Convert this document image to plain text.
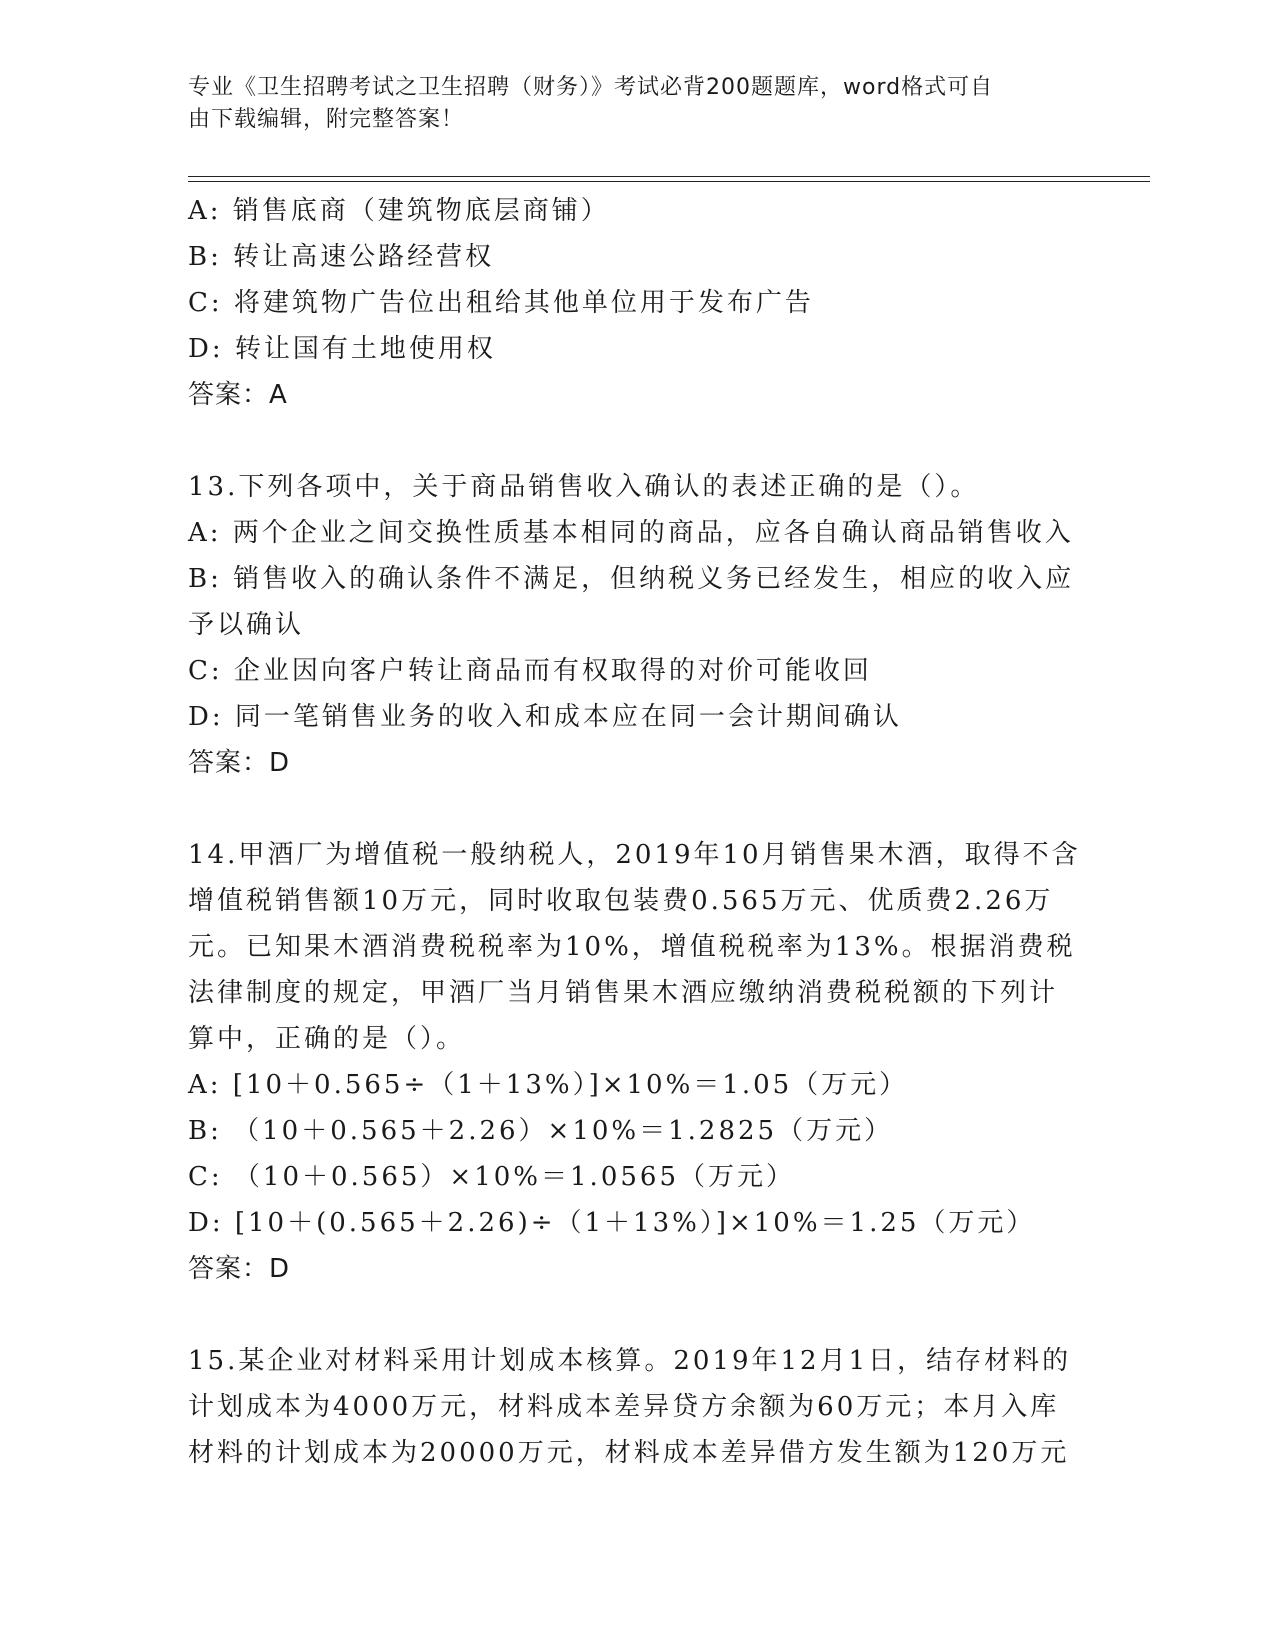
专业《卫生招聘考试之卫生招聘（财务）》考试必背200题题库，word格式可自
由下载编辑，附完整答案！
A: 销售底商（建筑物底层商铺）
B: 转让高速公路经营权
C: 将建筑物广告位出租给其他单位用于发布广告
D: 转让国有土地使用权
答案：A
13.下列各项中，关于商品销售收入确认的表述正确的是（）。
A: 两个企业之间交换性质基本相同的商品，应各自确认商品销售收入
B: 销售收入的确认条件不满足，但纳税义务已经发生，相应的收入应
予以确认
C: 企业因向客户转让商品而有权取得的对价可能收回
D: 同一笔销售业务的收入和成本应在同一会计期间确认
答案：D
14.甲酒厂为增值税一般纳税人，2019年10月销售果木酒，取得不含
增值税销售额10万元，同时收取包装费0.565万元、优质费2.26万
元。已知果木酒消费税税率为10%，增值税税率为13%。根据消费税
法律制度的规定，甲酒厂当月销售果木酒应缴纳消费税税额的下列计
算中，正确的是（）。
A: [10＋0.565÷（1＋13%）]×10%＝1.05（万元）
B: （10＋0.565＋2.26）×10%＝1.2825（万元）
C: （10＋0.565）×10%＝1.0565（万元）
D: [10＋(0.565＋2.26)÷（1＋13%）]×10%＝1.25（万元）
答案：D
15.某企业对材料采用计划成本核算。2019年12月1日，结存材料的
计划成本为4000万元，材料成本差异贷方余额为60万元；本月入库
材料的计划成本为20000万元，材料成本差异借方发生额为120万元
